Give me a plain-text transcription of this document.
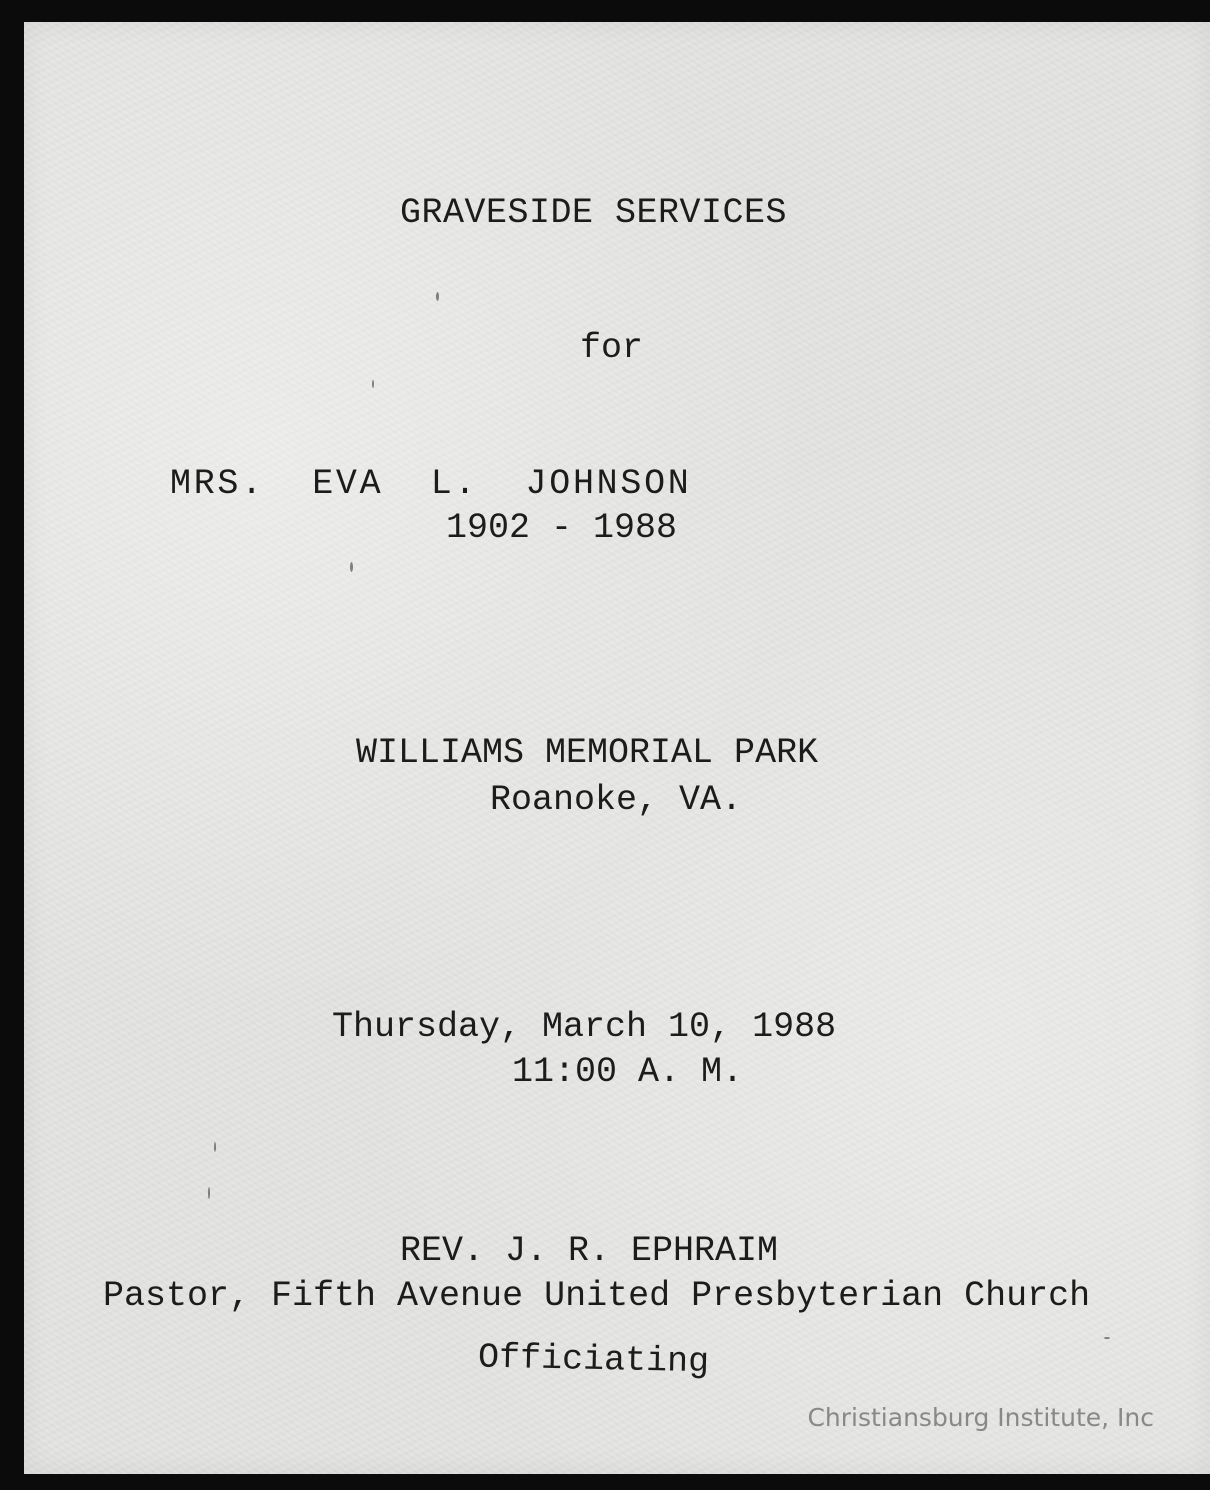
GRAVESIDE SERVICES

for

MRS.  EVA  L.  JOHNSON

1902 - 1988

WILLIAMS MEMORIAL PARK

Roanoke, VA.

Thursday, March 10, 1988

11:00 A. M.

REV. J. R. EPHRAIM

Pastor, Fifth Avenue United Presbyterian Church

Officiating

Christiansburg Institute, Inc
